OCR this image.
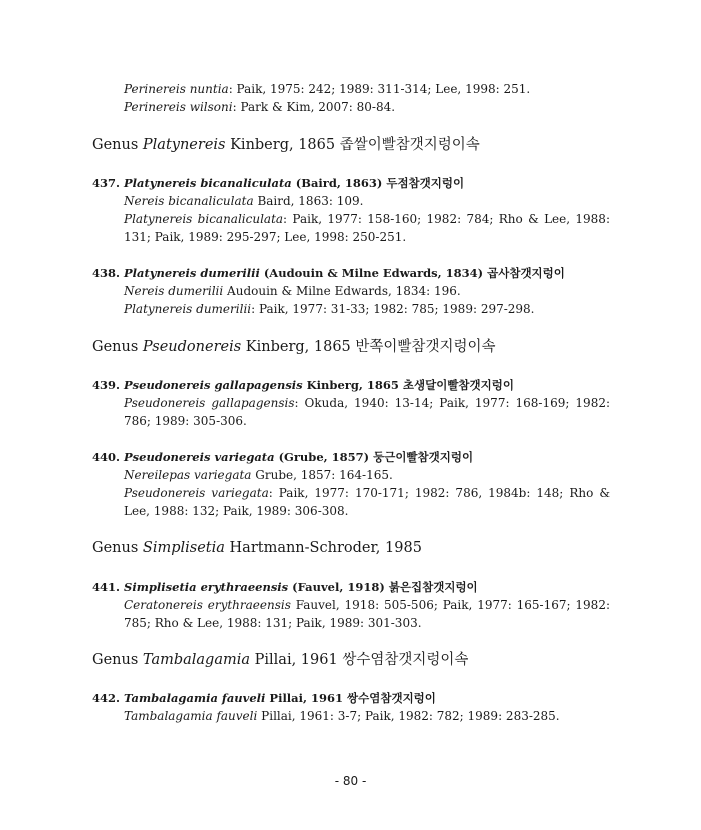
Perinereis nuntia: Paik, 1975: 242; 1989: 311-314; Lee, 1998: 251.
Perinereis wilsoni: Park & Kim, 2007: 80-84.
Genus Platynereis Kinberg, 1865 좁쌀이빨참갯지렁이속
437. Platynereis bicanaliculata (Baird, 1863) 두점참갯지렁이
Nereis bicanaliculata Baird, 1863: 109.
Platynereis bicanaliculata: Paik, 1977: 158-160; 1982: 784; Rho & Lee, 1988: 131; Paik, 1989: 295-297; Lee, 1998: 250-251.
438. Platynereis dumerilii (Audouin & Milne Edwards, 1834) 곱사참갯지렁이
Nereis dumerilii Audouin & Milne Edwards, 1834: 196.
Platynereis dumerilii: Paik, 1977: 31-33; 1982: 785; 1989: 297-298.
Genus Pseudonereis Kinberg, 1865 반쪽이빨참갯지렁이속
439. Pseudonereis gallapagensis Kinberg, 1865 초생달이빨참갯지렁이
Pseudonereis gallapagensis: Okuda, 1940: 13-14; Paik, 1977: 168-169; 1982: 786; 1989: 305-306.
440. Pseudonereis variegata (Grube, 1857) 둥근이빨참갯지렁이
Nereilepas variegata Grube, 1857: 164-165.
Pseudonereis variegata: Paik, 1977: 170-171; 1982: 786, 1984b: 148; Rho & Lee, 1988: 132; Paik, 1989: 306-308.
Genus Simplisetia Hartmann-Schroder, 1985
441. Simplisetia erythraeensis (Fauvel, 1918) 붉은집참갯지렁이
Ceratonereis erythraeensis Fauvel, 1918: 505-506; Paik, 1977: 165-167; 1982: 785; Rho & Lee, 1988: 131; Paik, 1989: 301-303.
Genus Tambalagamia Pillai, 1961 쌍수염참갯지렁이속
442. Tambalagamia fauveli Pillai, 1961 쌍수염참갯지렁이
Tambalagamia fauveli Pillai, 1961: 3-7; Paik, 1982: 782; 1989: 283-285.
- 80 -
